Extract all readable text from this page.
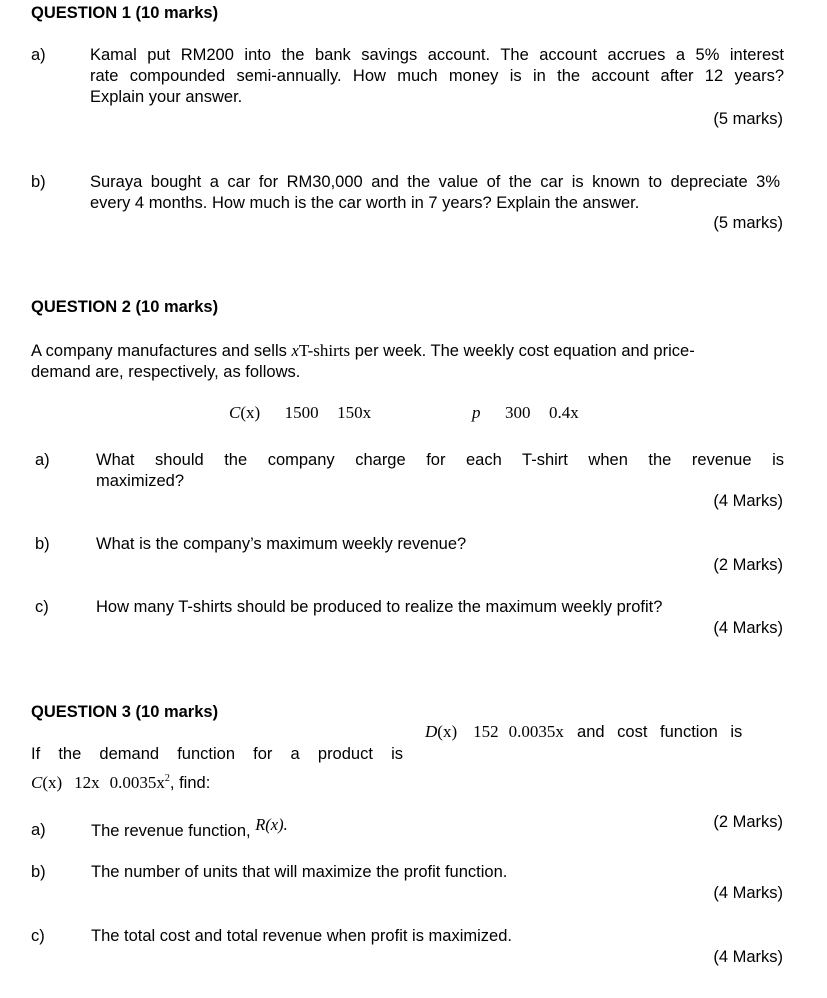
QUESTION 1 (10 marks)
a)	Kamal put RM200 into the bank savings account. The account accrues a 5% interest
rate compounded semi-annually. How much money is in the account after 12 years?
Explain your answer.
(5 marks)
b)	Suraya bought a car for RM30,000 and the value of the car is known to depreciate 3%
every 4 months. How much is the car worth in 7 years? Explain the answer.
(5 marks)
QUESTION 2 (10 marks)
A company manufactures and sells xT-shirts per week. The weekly cost equation and price-
demand are, respectively, as follows.
C(x) 1500 150x	p 300 0.4x
a)	What should the company charge for each T-shirt when the revenue is
maximized?
(4 Marks)
b)	What is the company’s maximum weekly revenue?
(2 Marks)
c)	How many T-shirts should be produced to realize the maximum weekly profit?
(4 Marks)
QUESTION 3 (10 marks)
D(x) 152 0.0035x and cost function is
If the demand function for a product is
C(x) 12x $0.0035x^2$, find:
a)	The revenue function, R(x).	(2 Marks)
b)	The number of units that will maximize the profit function.
(4 Marks)
c)	The total cost and total revenue when profit is maximized.
(4 Marks)
